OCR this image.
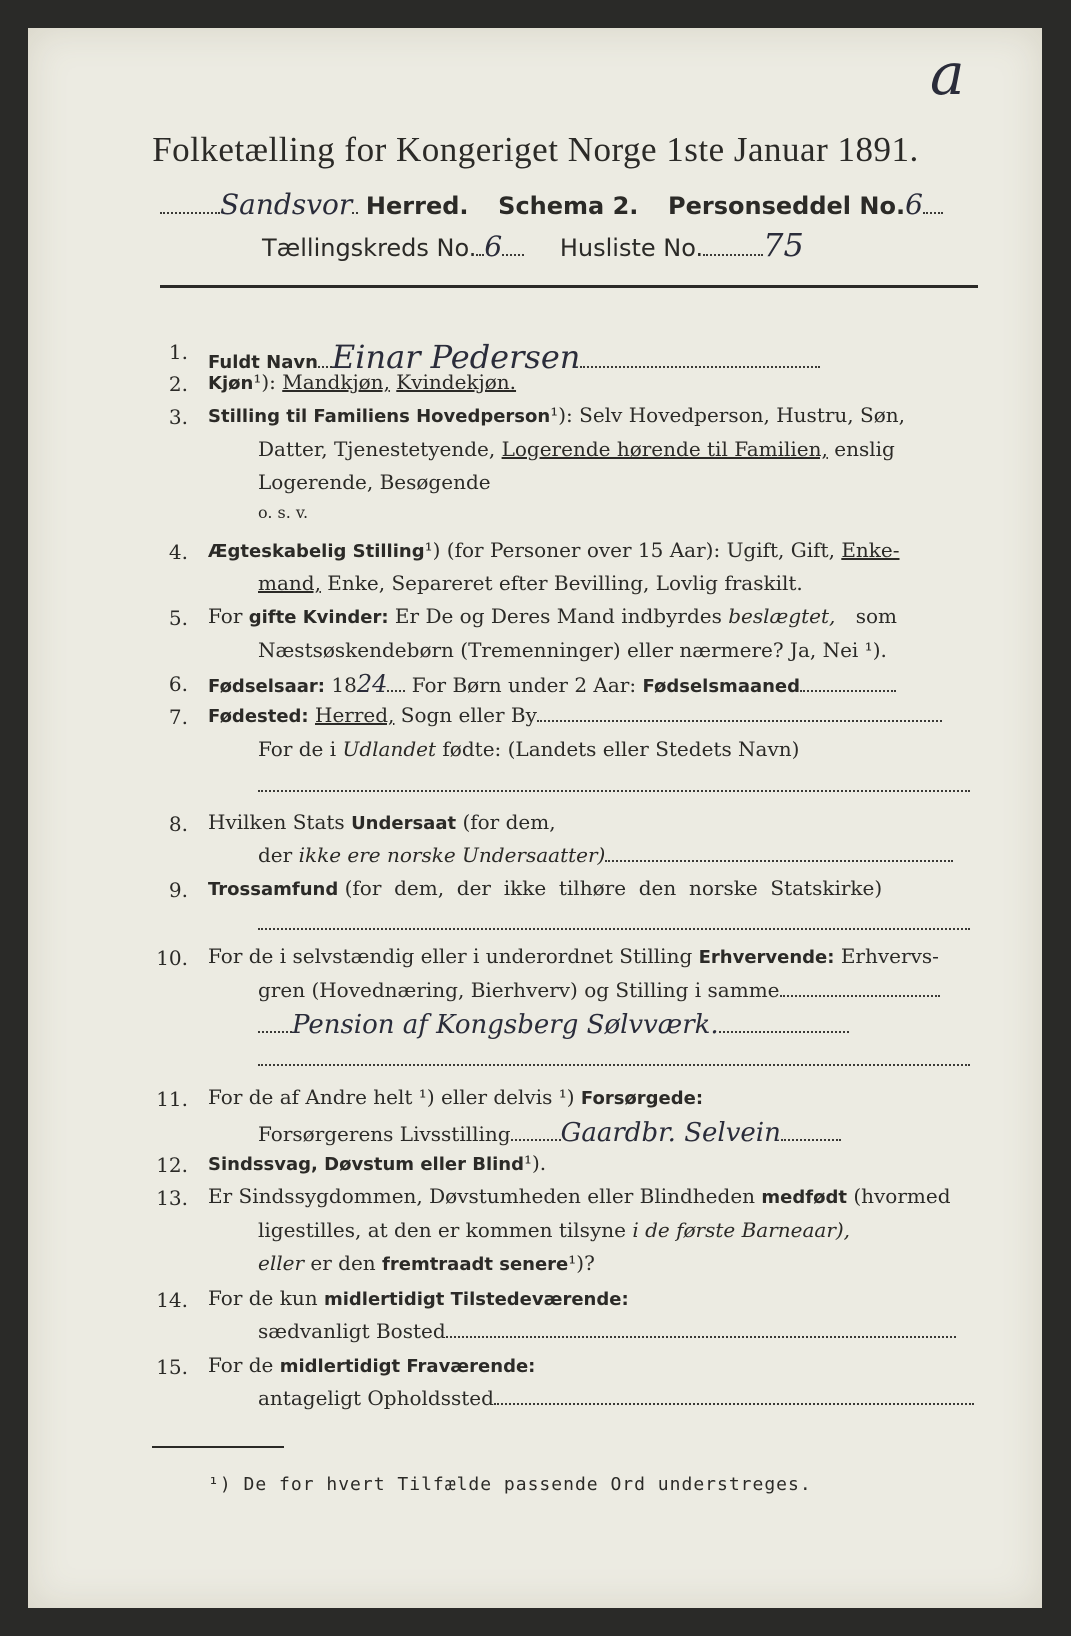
a
Folketælling for Kongeriget Norge 1ste Januar 1891.
Sandsvor Herred. Schema 2. Personseddel No.6
Tællingskreds No. 6 Husliste No. 75
1. Fuldt Navn Einar Pedersen
2. Kjøn¹): Mandkjøn, Kvindekjøn.
3. Stilling til Familiens Hovedperson¹): Selv Hovedperson, Hustru, Søn,
Datter, Tjenestetyende, Logerende hørende til Familien, enslig
Logerende, Besøgende
o. s. v.
4. Ægteskabelig Stilling¹) (for Personer over 15 Aar): Ugift, Gift, Enke-
mand, Enke, Separeret efter Bevilling, Lovlig fraskilt.
5. For gifte Kvinder: Er De og Deres Mand indbyrdes beslægtet, som
Næstsøskendebørn (Tremenninger) eller nærmere? Ja, Nei ¹).
6. Fødselsaar: 1824 For Børn under 2 Aar: Fødselsmaaned
7. Fødested: Herred, Sogn eller By
For de i Udlandet fødte: (Landets eller Stedets Navn)
8. Hvilken Stats Undersaat (for dem,
der ikke ere norske Undersaatter)
9. Trossamfund (for  dem,  der  ikke  tilhøre  den  norske  Statskirke)
10. For de i selvstændig eller i underordnet Stilling Erhvervende: Erhvervs-
gren (Hovednæring, Bierhverv) og Stilling i samme
Pension af Kongsberg Sølvværk.
11. For de af Andre helt ¹) eller delvis ¹) Forsørgede:
Forsørgerens Livsstilling Gaardbr. Selvein
12. Sindssvag, Døvstum eller Blind¹).
13. Er Sindssygdommen, Døvstumheden eller Blindheden medfødt (hvormed
ligestilles, at den er kommen tilsyne i de første Barneaar),
eller er den fremtraadt senere¹)?
14. For de kun midlertidigt Tilstedeværende:
sædvanligt Bosted
15. For de midlertidigt Fraværende:
antageligt Opholdssted
¹) De for hvert Tilfælde passende Ord understreges.
